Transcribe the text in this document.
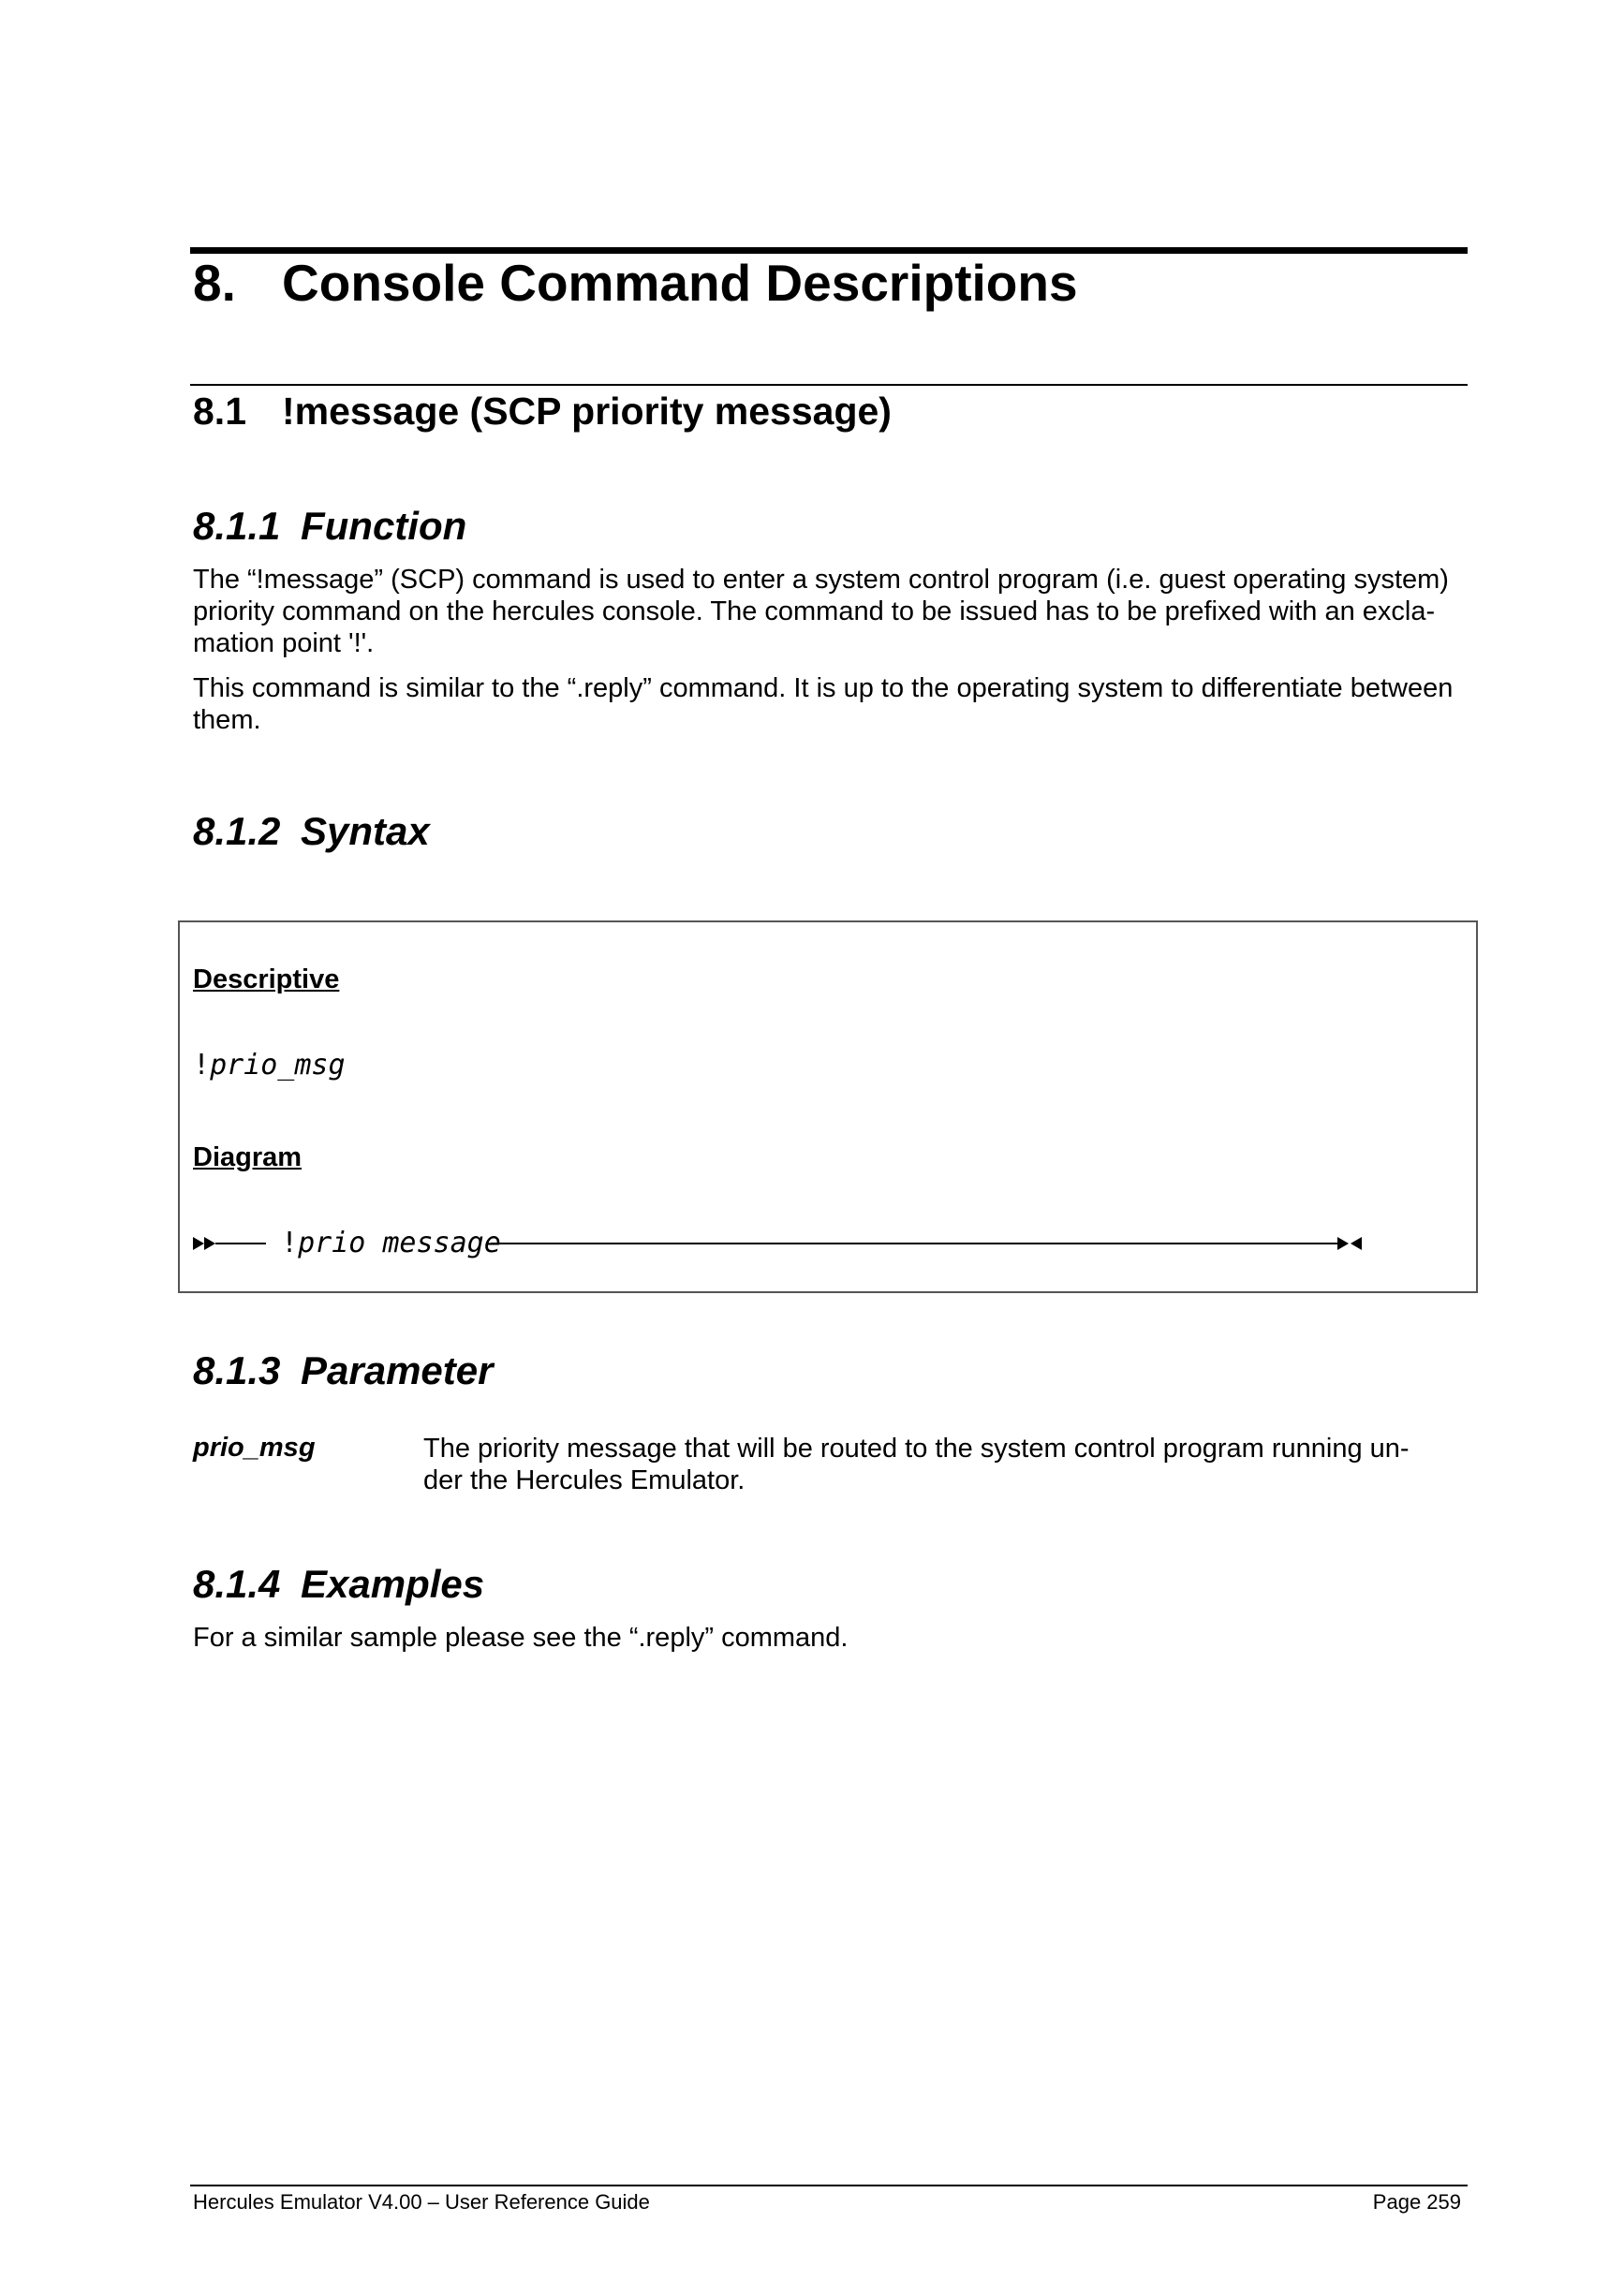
8. Console Command Descriptions
8.1 !message (SCP priority message)
8.1.1 Function
The “!message” (SCP) command is used to enter a system control program (i.e. guest operating system) priority command on the hercules console. The command to be issued has to be prefixed with an excla-mation point '!'.
This command is similar to the “.reply” command. It is up to the operating system to differentiate between them.
8.1.2 Syntax
Descriptive
!prio_msg
Diagram
!prio message
8.1.3 Parameter
prio_msg	The priority message that will be routed to the system control program running un-der the Hercules Emulator.
8.1.4 Examples
For a similar sample please see the “.reply” command.
Hercules Emulator V4.00 – User Reference Guide	Page 259
